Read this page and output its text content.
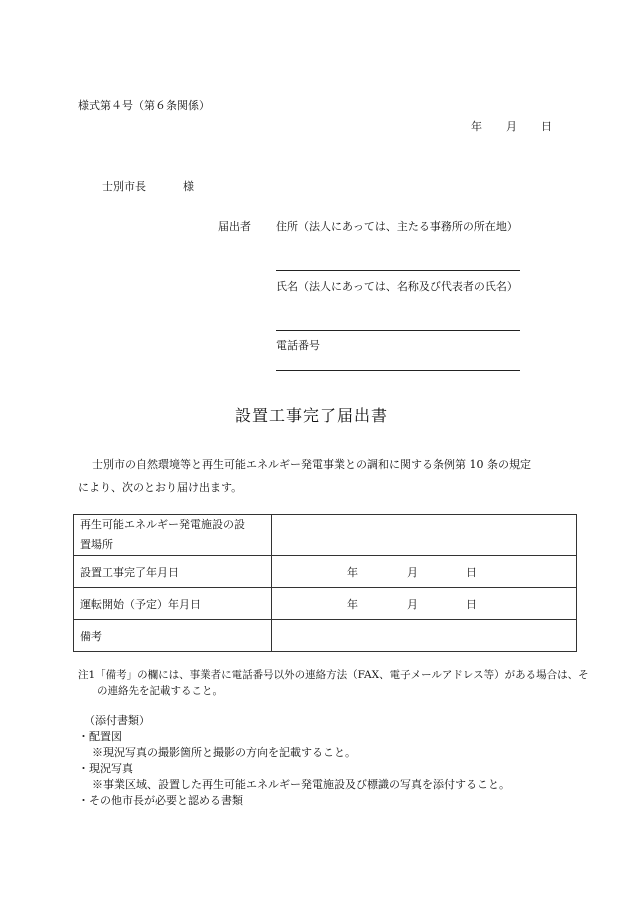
様式第４号（第６条関係）
年 月 日
士別市長	様
届出者 住所（法人にあっては、主たる事務所の所在地）
氏名（法人にあっては、名称及び代表者の氏名）
電話番号
設置工事完了届出書
士別市の自然環境等と再生可能エネルギー発電事業との調和に関する条例第 10 条の規定
により、次のとおり届け出ます。
再生可能エネルギー発電施設の設
置場所	

設置工事完了年月日	年 月 日

運転開始（予定）年月日	年 月 日

備考	
注1「備考」の欄には、事業者に電話番号以外の連絡方法（FAX、電子メールアドレス等）がある場合は、そ
の連絡先を記載すること。
（添付書類）
・配置図
※現況写真の撮影箇所と撮影の方向を記載すること。
・現況写真
※事業区域、設置した再生可能エネルギー発電施設及び標識の写真を添付すること。
・その他市長が必要と認める書類
